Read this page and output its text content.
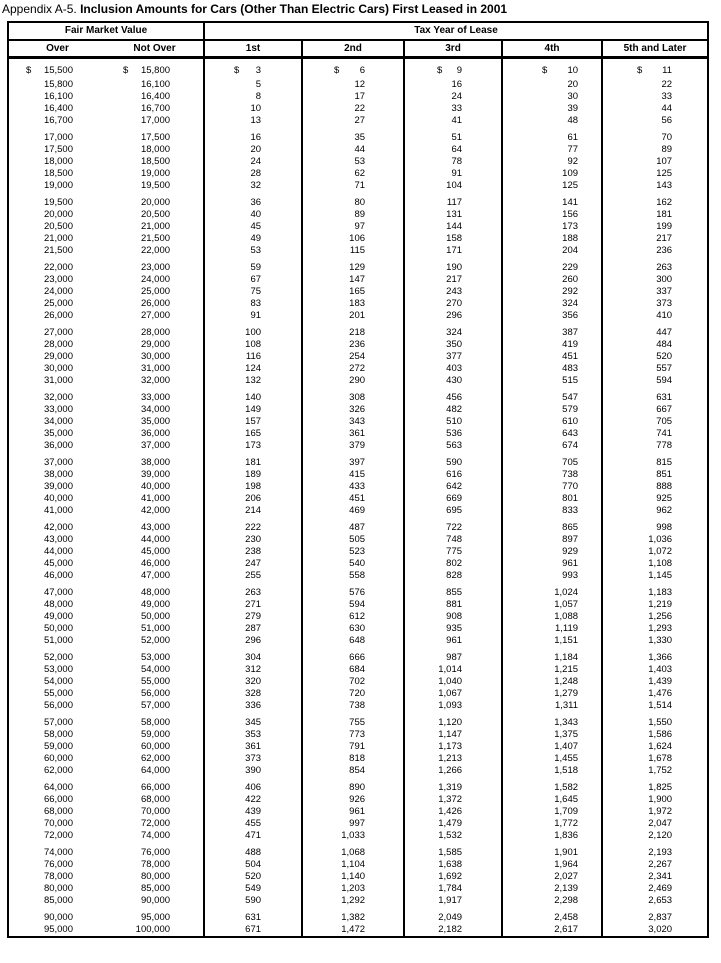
Appendix A-5. Inclusion Amounts for Cars (Other Than Electric Cars) First Leased in 2001
Fair Market Value		Tax Year of Lease				
Over	Not Over	1st	2nd	3rd	4th	5th and Later

$ 15,500	$ 15,800	$ 3	$ 6	$ 9	$ 10	$ 11

15,800	16,100	5	12	16	20	22
16,100	16,400	8	17	24	30	33
16,400	16,700	10	22	33	39	44
16,700	17,000	13	27	41	48	56

17,000	17,500	16	35	51	61	70
17,500	18,000	20	44	64	77	89
18,000	18,500	24	53	78	92	107
18,500	19,000	28	62	91	109	125
19,000	19,500	32	71	104	125	143

19,500	20,000	36	80	117	141	162
20,000	20,500	40	89	131	156	181
20,500	21,000	45	97	144	173	199
21,000	21,500	49	106	158	188	217
21,500	22,000	53	115	171	204	236

22,000	23,000	59	129	190	229	263
23,000	24,000	67	147	217	260	300
24,000	25,000	75	165	243	292	337
25,000	26,000	83	183	270	324	373
26,000	27,000	91	201	296	356	410

27,000	28,000	100	218	324	387	447
28,000	29,000	108	236	350	419	484
29,000	30,000	116	254	377	451	520
30,000	31,000	124	272	403	483	557
31,000	32,000	132	290	430	515	594

32,000	33,000	140	308	456	547	631
33,000	34,000	149	326	482	579	667
34,000	35,000	157	343	510	610	705
35,000	36,000	165	361	536	643	741
36,000	37,000	173	379	563	674	778

37,000	38,000	181	397	590	705	815
38,000	39,000	189	415	616	738	851
39,000	40,000	198	433	642	770	888
40,000	41,000	206	451	669	801	925
41,000	42,000	214	469	695	833	962

42,000	43,000	222	487	722	865	998
43,000	44,000	230	505	748	897	1,036
44,000	45,000	238	523	775	929	1,072
45,000	46,000	247	540	802	961	1,108
46,000	47,000	255	558	828	993	1,145

47,000	48,000	263	576	855	1,024	1,183
48,000	49,000	271	594	881	1,057	1,219
49,000	50,000	279	612	908	1,088	1,256
50,000	51,000	287	630	935	1,119	1,293
51,000	52,000	296	648	961	1,151	1,330

52,000	53,000	304	666	987	1,184	1,366
53,000	54,000	312	684	1,014	1,215	1,403
54,000	55,000	320	702	1,040	1,248	1,439
55,000	56,000	328	720	1,067	1,279	1,476
56,000	57,000	336	738	1,093	1,311	1,514

57,000	58,000	345	755	1,120	1,343	1,550
58,000	59,000	353	773	1,147	1,375	1,586
59,000	60,000	361	791	1,173	1,407	1,624
60,000	62,000	373	818	1,213	1,455	1,678
62,000	64,000	390	854	1,266	1,518	1,752

64,000	66,000	406	890	1,319	1,582	1,825
66,000	68,000	422	926	1,372	1,645	1,900
68,000	70,000	439	961	1,426	1,709	1,972
70,000	72,000	455	997	1,479	1,772	2,047
72,000	74,000	471	1,033	1,532	1,836	2,120

74,000	76,000	488	1,068	1,585	1,901	2,193
76,000	78,000	504	1,104	1,638	1,964	2,267
78,000	80,000	520	1,140	1,692	2,027	2,341
80,000	85,000	549	1,203	1,784	2,139	2,469
85,000	90,000	590	1,292	1,917	2,298	2,653

90,000	95,000	631	1,382	2,049	2,458	2,837
95,000	100,000	671	1,472	2,182	2,617	3,020
